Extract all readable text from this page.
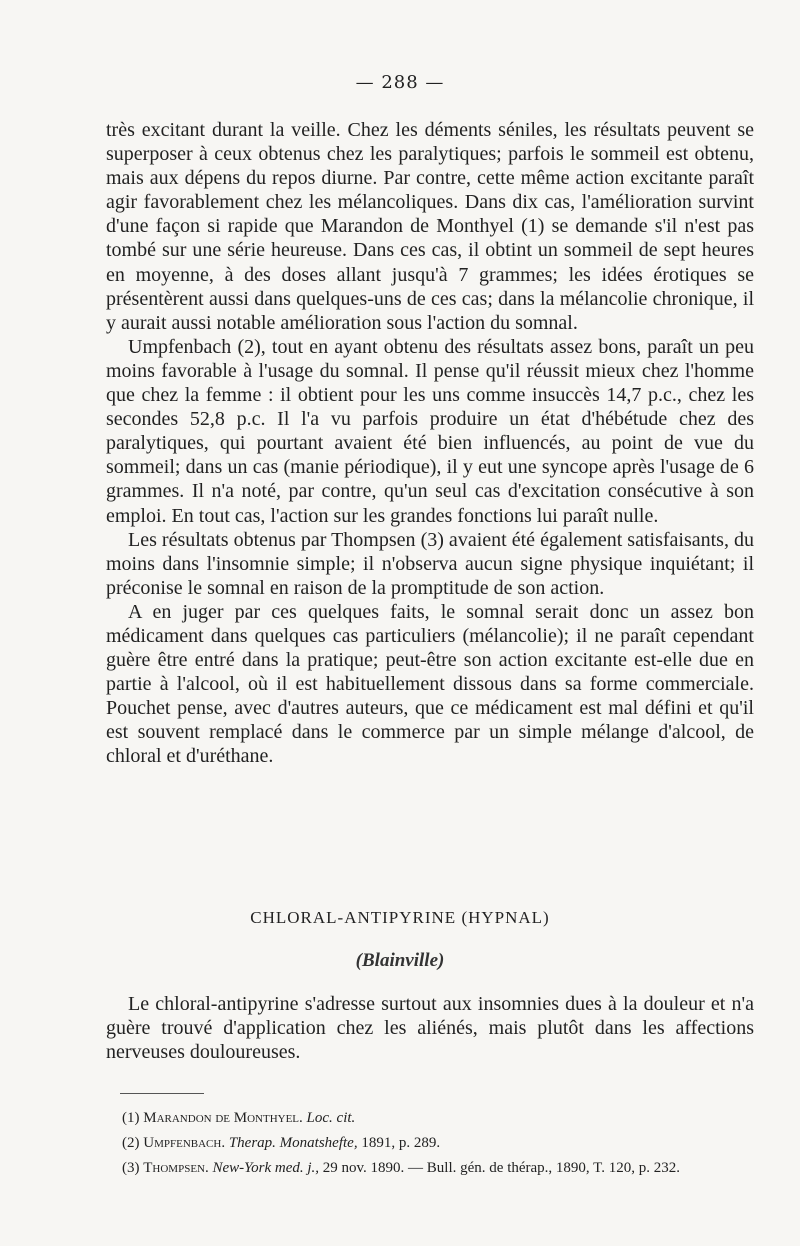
— 288 —

très excitant durant la veille. Chez les déments séniles, les résultats peuvent se superposer à ceux obtenus chez les paralytiques; parfois le sommeil est obtenu, mais aux dépens du repos diurne. Par contre, cette même action excitante paraît agir favorablement chez les mélancoliques. Dans dix cas, l'amélioration survint d'une façon si rapide que Marandon de Monthyel (1) se demande s'il n'est pas tombé sur une série heureuse. Dans ces cas, il obtint un sommeil de sept heures en moyenne, à des doses allant jusqu'à 7 grammes; les idées érotiques se présentèrent aussi dans quelques-uns de ces cas; dans la mélancolie chronique, il y aurait aussi notable amélioration sous l'action du somnal.

Umpfenbach (2), tout en ayant obtenu des résultats assez bons, paraît un peu moins favorable à l'usage du somnal. Il pense qu'il réussit mieux chez l'homme que chez la femme : il obtient pour les uns comme insuccès 14,7 p.c., chez les secondes 52,8 p.c. Il l'a vu parfois produire un état d'hébétude chez des paralytiques, qui pourtant avaient été bien influencés, au point de vue du sommeil; dans un cas (manie périodique), il y eut une syncope après l'usage de 6 grammes. Il n'a noté, par contre, qu'un seul cas d'excitation consécutive à son emploi. En tout cas, l'action sur les grandes fonctions lui paraît nulle.

Les résultats obtenus par Thompsen (3) avaient été également satisfaisants, du moins dans l'insomnie simple; il n'observa aucun signe physique inquiétant; il préconise le somnal en raison de la promptitude de son action.

A en juger par ces quelques faits, le somnal serait donc un assez bon médicament dans quelques cas particuliers (mélancolie); il ne paraît cependant guère être entré dans la pratique; peut-être son action excitante est-elle due en partie à l'alcool, où il est habituellement dissous dans sa forme commerciale. Pouchet pense, avec d'autres auteurs, que ce médicament est mal défini et qu'il est souvent remplacé dans le commerce par un simple mélange d'alcool, de chloral et d'uréthane.

CHLORAL-ANTIPYRINE (HYPNAL)
(Blainville)

Le chloral-antipyrine s'adresse surtout aux insomnies dues à la douleur et n'a guère trouvé d'application chez les aliénés, mais plutôt dans les affections nerveuses douloureuses.

(1) Marandon de Monthyel. Loc. cit.

(2) Umpfenbach. Therap. Monatshefte, 1891, p. 289.

(3) Thompsen. New-York med. j., 29 nov. 1890. — Bull. gén. de thérap., 1890, T. 120, p. 232.
